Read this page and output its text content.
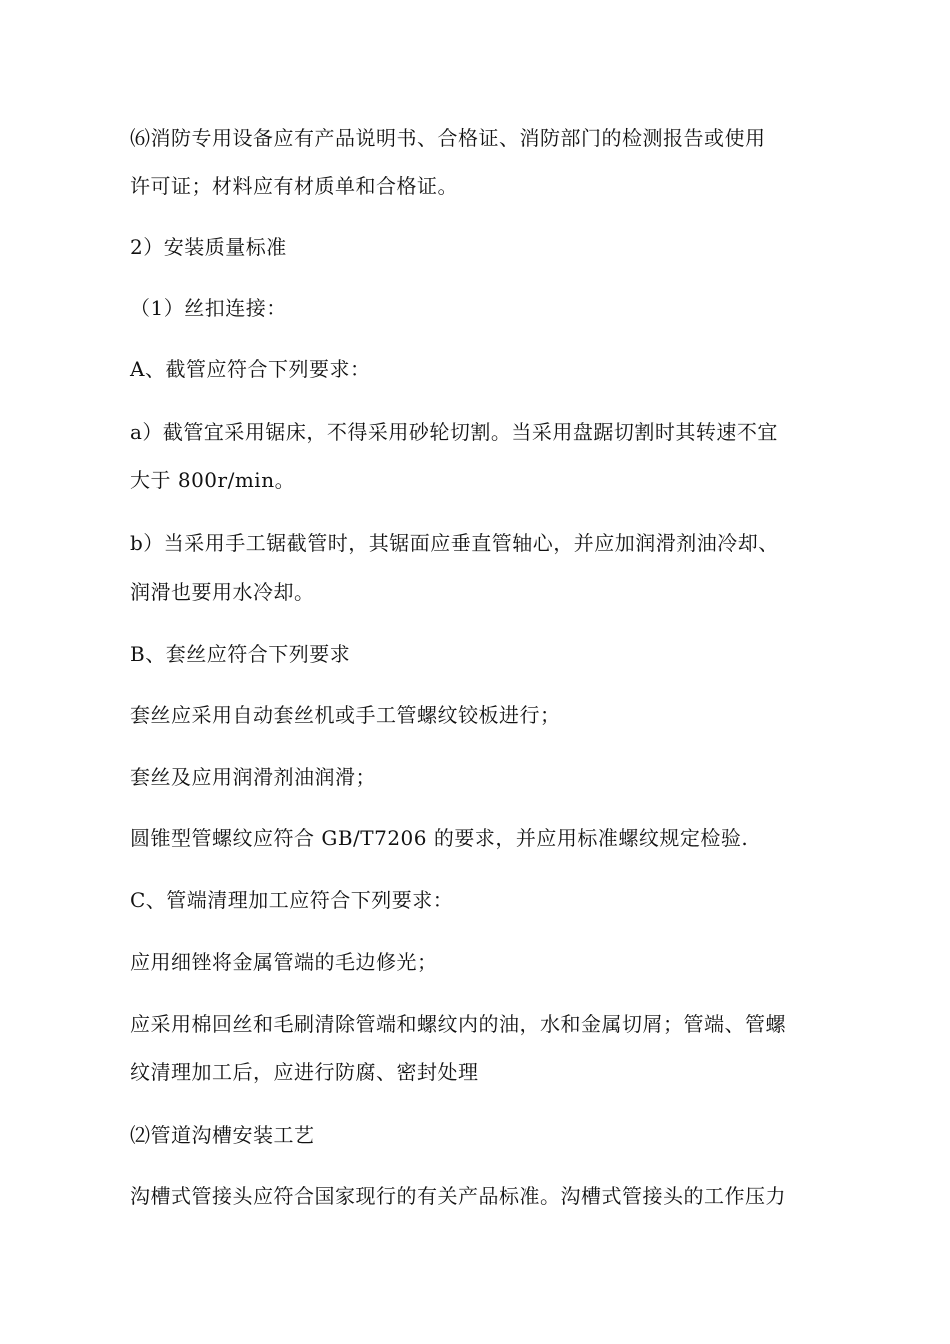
⑹消防专用设备应有产品说明书、合格证、消防部门的检测报告或使用
许可证；材料应有材质单和合格证。
2）安装质量标准
（1）丝扣连接：
A、截管应符合下列要求：
a）截管宜采用锯床，不得采用砂轮切割。当采用盘踞切割时其转速不宜
大于 800r/min。
b）当采用手工锯截管时，其锯面应垂直管轴心，并应加润滑剂油冷却、
润滑也要用水冷却。
B、套丝应符合下列要求
套丝应采用自动套丝机或手工管螺纹铰板进行；
套丝及应用润滑剂油润滑；
圆锥型管螺纹应符合 GB/T7206 的要求，并应用标准螺纹规定检验.
C、管端清理加工应符合下列要求：
应用细锉将金属管端的毛边修光；
应采用棉回丝和毛刷清除管端和螺纹内的油，水和金属切屑；管端、管螺
纹清理加工后，应进行防腐、密封处理
⑵管道沟槽安装工艺
沟槽式管接头应符合国家现行的有关产品标准。沟槽式管接头的工作压力
